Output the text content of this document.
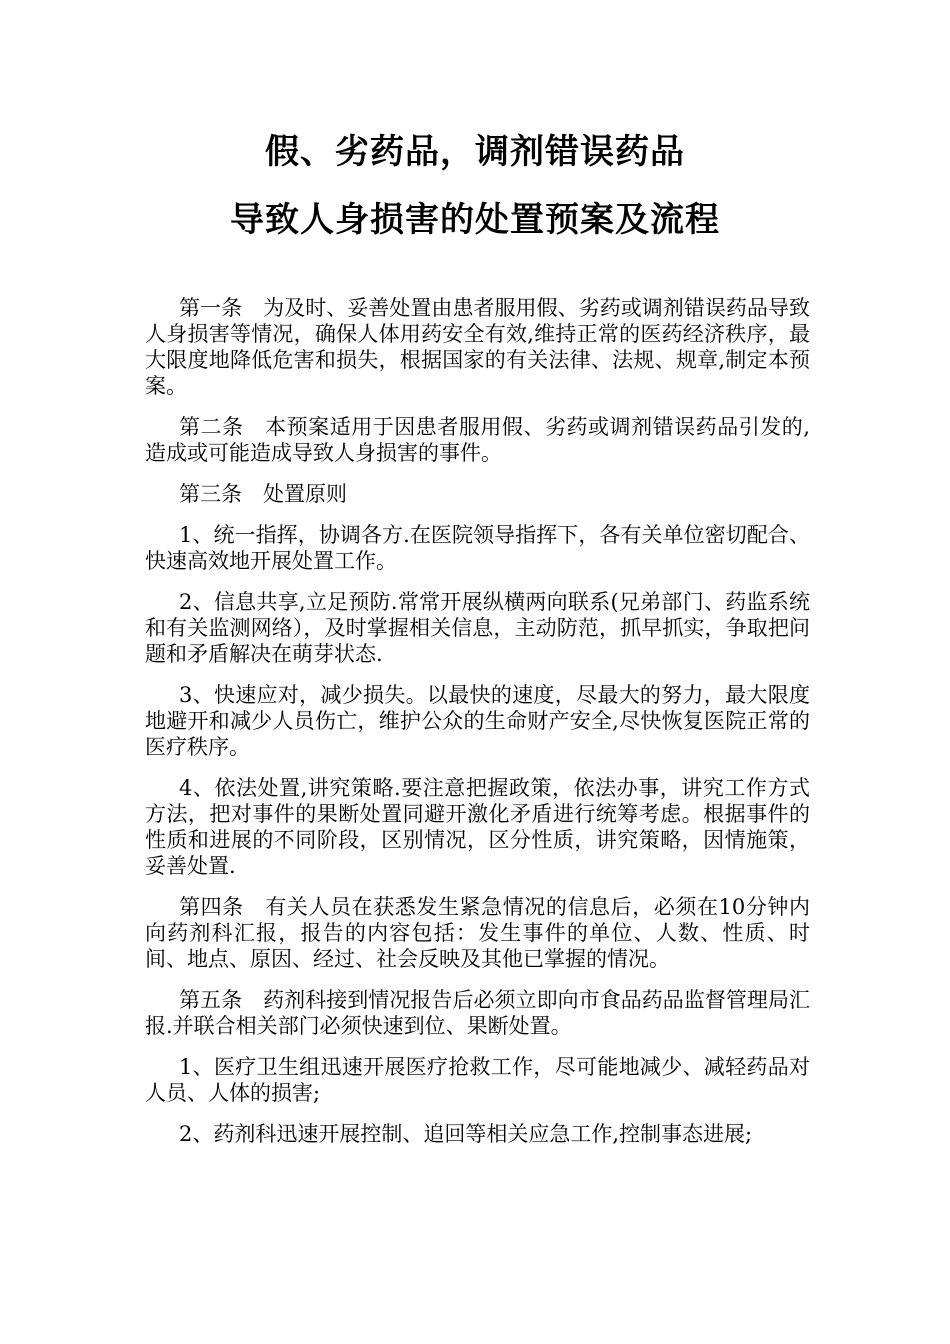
假、劣药品，调剂错误药品
导致人身损害的处置预案及流程

第一条　为及时、妥善处置由患者服用假、劣药或调剂错误药品导致人身损害等情况，确保人体用药安全有效,维持正常的医药经济秩序，最大限度地降低危害和损失，根据国家的有关法律、法规、规章,制定本预案。

第二条　本预案适用于因患者服用假、劣药或调剂错误药品引发的,造成或可能造成导致人身损害的事件。

第三条　处置原则

1、统一指挥，协调各方.在医院领导指挥下，各有关单位密切配合、快速高效地开展处置工作。

2、信息共享,立足预防.常常开展纵横两向联系(兄弟部门、药监系统和有关监测网络），及时掌握相关信息，主动防范，抓早抓实，争取把问题和矛盾解决在萌芽状态.

3、快速应对，减少损失。以最快的速度，尽最大的努力，最大限度地避开和减少人员伤亡，维护公众的生命财产安全,尽快恢复医院正常的医疗秩序。

4、依法处置,讲究策略.要注意把握政策，依法办事，讲究工作方式方法，把对事件的果断处置同避开激化矛盾进行统筹考虑。根据事件的性质和进展的不同阶段，区别情况，区分性质，讲究策略，因情施策，妥善处置.

第四条　有关人员在获悉发生紧急情况的信息后，必须在10分钟内向药剂科汇报，报告的内容包括：发生事件的单位、人数、性质、时间、地点、原因、经过、社会反映及其他已掌握的情况。

第五条　药剂科接到情况报告后必须立即向市食品药品监督管理局汇报.并联合相关部门必须快速到位、果断处置。

1、医疗卫生组迅速开展医疗抢救工作，尽可能地减少、减轻药品对人员、人体的损害;

2、药剂科迅速开展控制、追回等相关应急工作,控制事态进展;
